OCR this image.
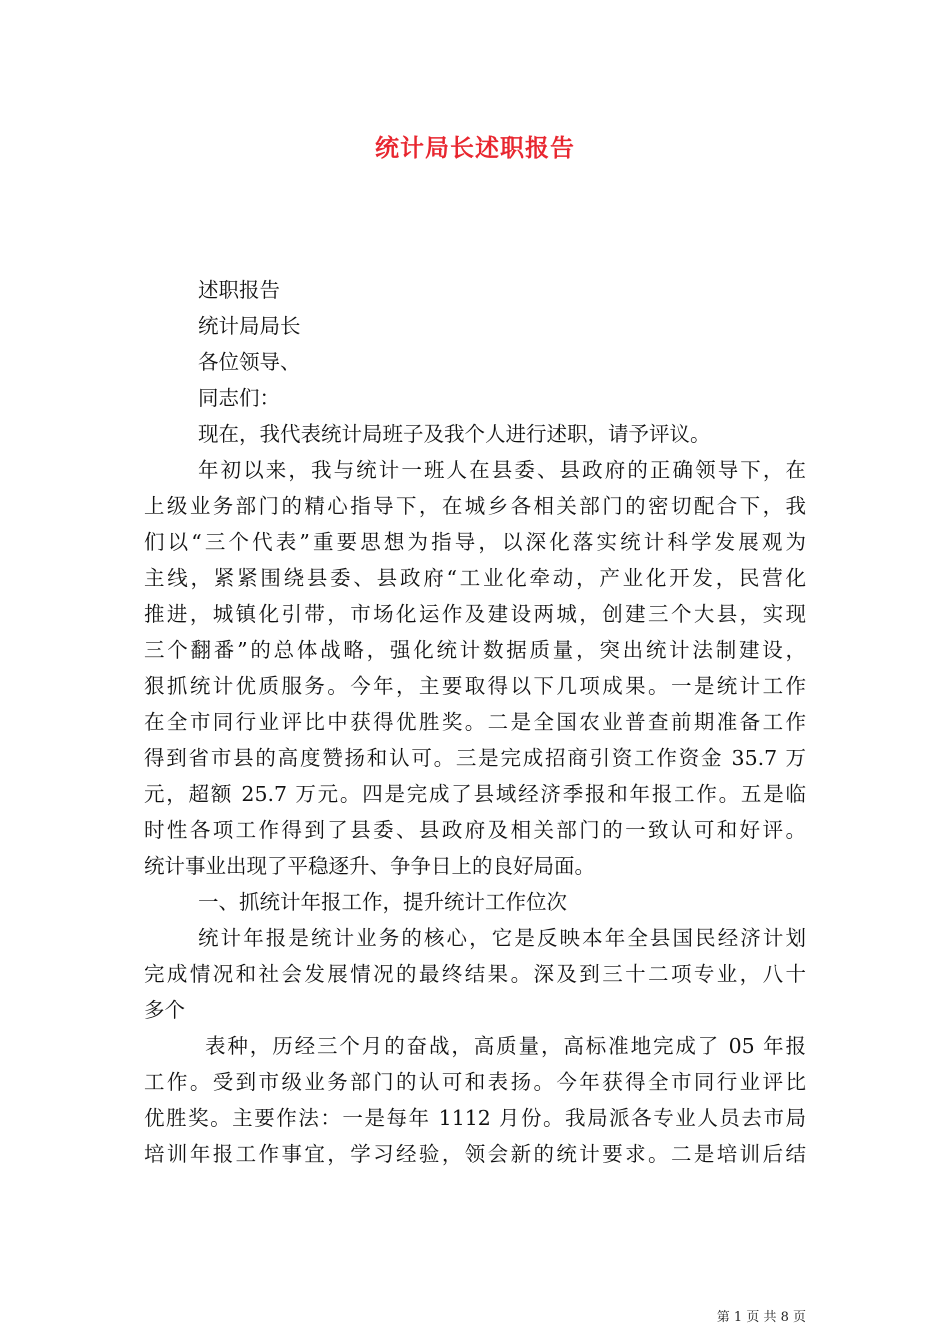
统计局长述职报告
述职报告
统计局局长
各位领导、
同志们：
现在，我代表统计局班子及我个人进行述职，请予评议。
年初以来，我与统计一班人在县委、县政府的正确领导下，在
上级业务部门的精心指导下，在城乡各相关部门的密切配合下，我
们以“三个代表”重要思想为指导，以深化落实统计科学发展观为
主线，紧紧围绕县委、县政府“工业化牵动，产业化开发，民营化
推进，城镇化引带，市场化运作及建设两城，创建三个大县，实现
三个翻番”的总体战略，强化统计数据质量，突出统计法制建设，
狠抓统计优质服务。今年，主要取得以下几项成果。一是统计工作
在全市同行业评比中获得优胜奖。二是全国农业普查前期准备工作
得到省市县的高度赞扬和认可。三是完成招商引资工作资金 35.7 万
元，超额 25.7 万元。四是完成了县域经济季报和年报工作。五是临
时性各项工作得到了县委、县政府及相关部门的一致认可和好评。
统计事业出现了平稳逐升、争争日上的良好局面。
一、抓统计年报工作，提升统计工作位次
统计年报是统计业务的核心，它是反映本年全县国民经济计划
完成情况和社会发展情况的最终结果。深及到三十二项专业，八十
多个
表种，历经三个月的奋战，高质量，高标准地完成了 05 年报
工作。受到市级业务部门的认可和表扬。今年获得全市同行业评比
优胜奖。主要作法：一是每年 1112 月份。我局派各专业人员去市局
培训年报工作事宜，学习经验，领会新的统计要求。二是培训后结
第 1 页 共 8 页
